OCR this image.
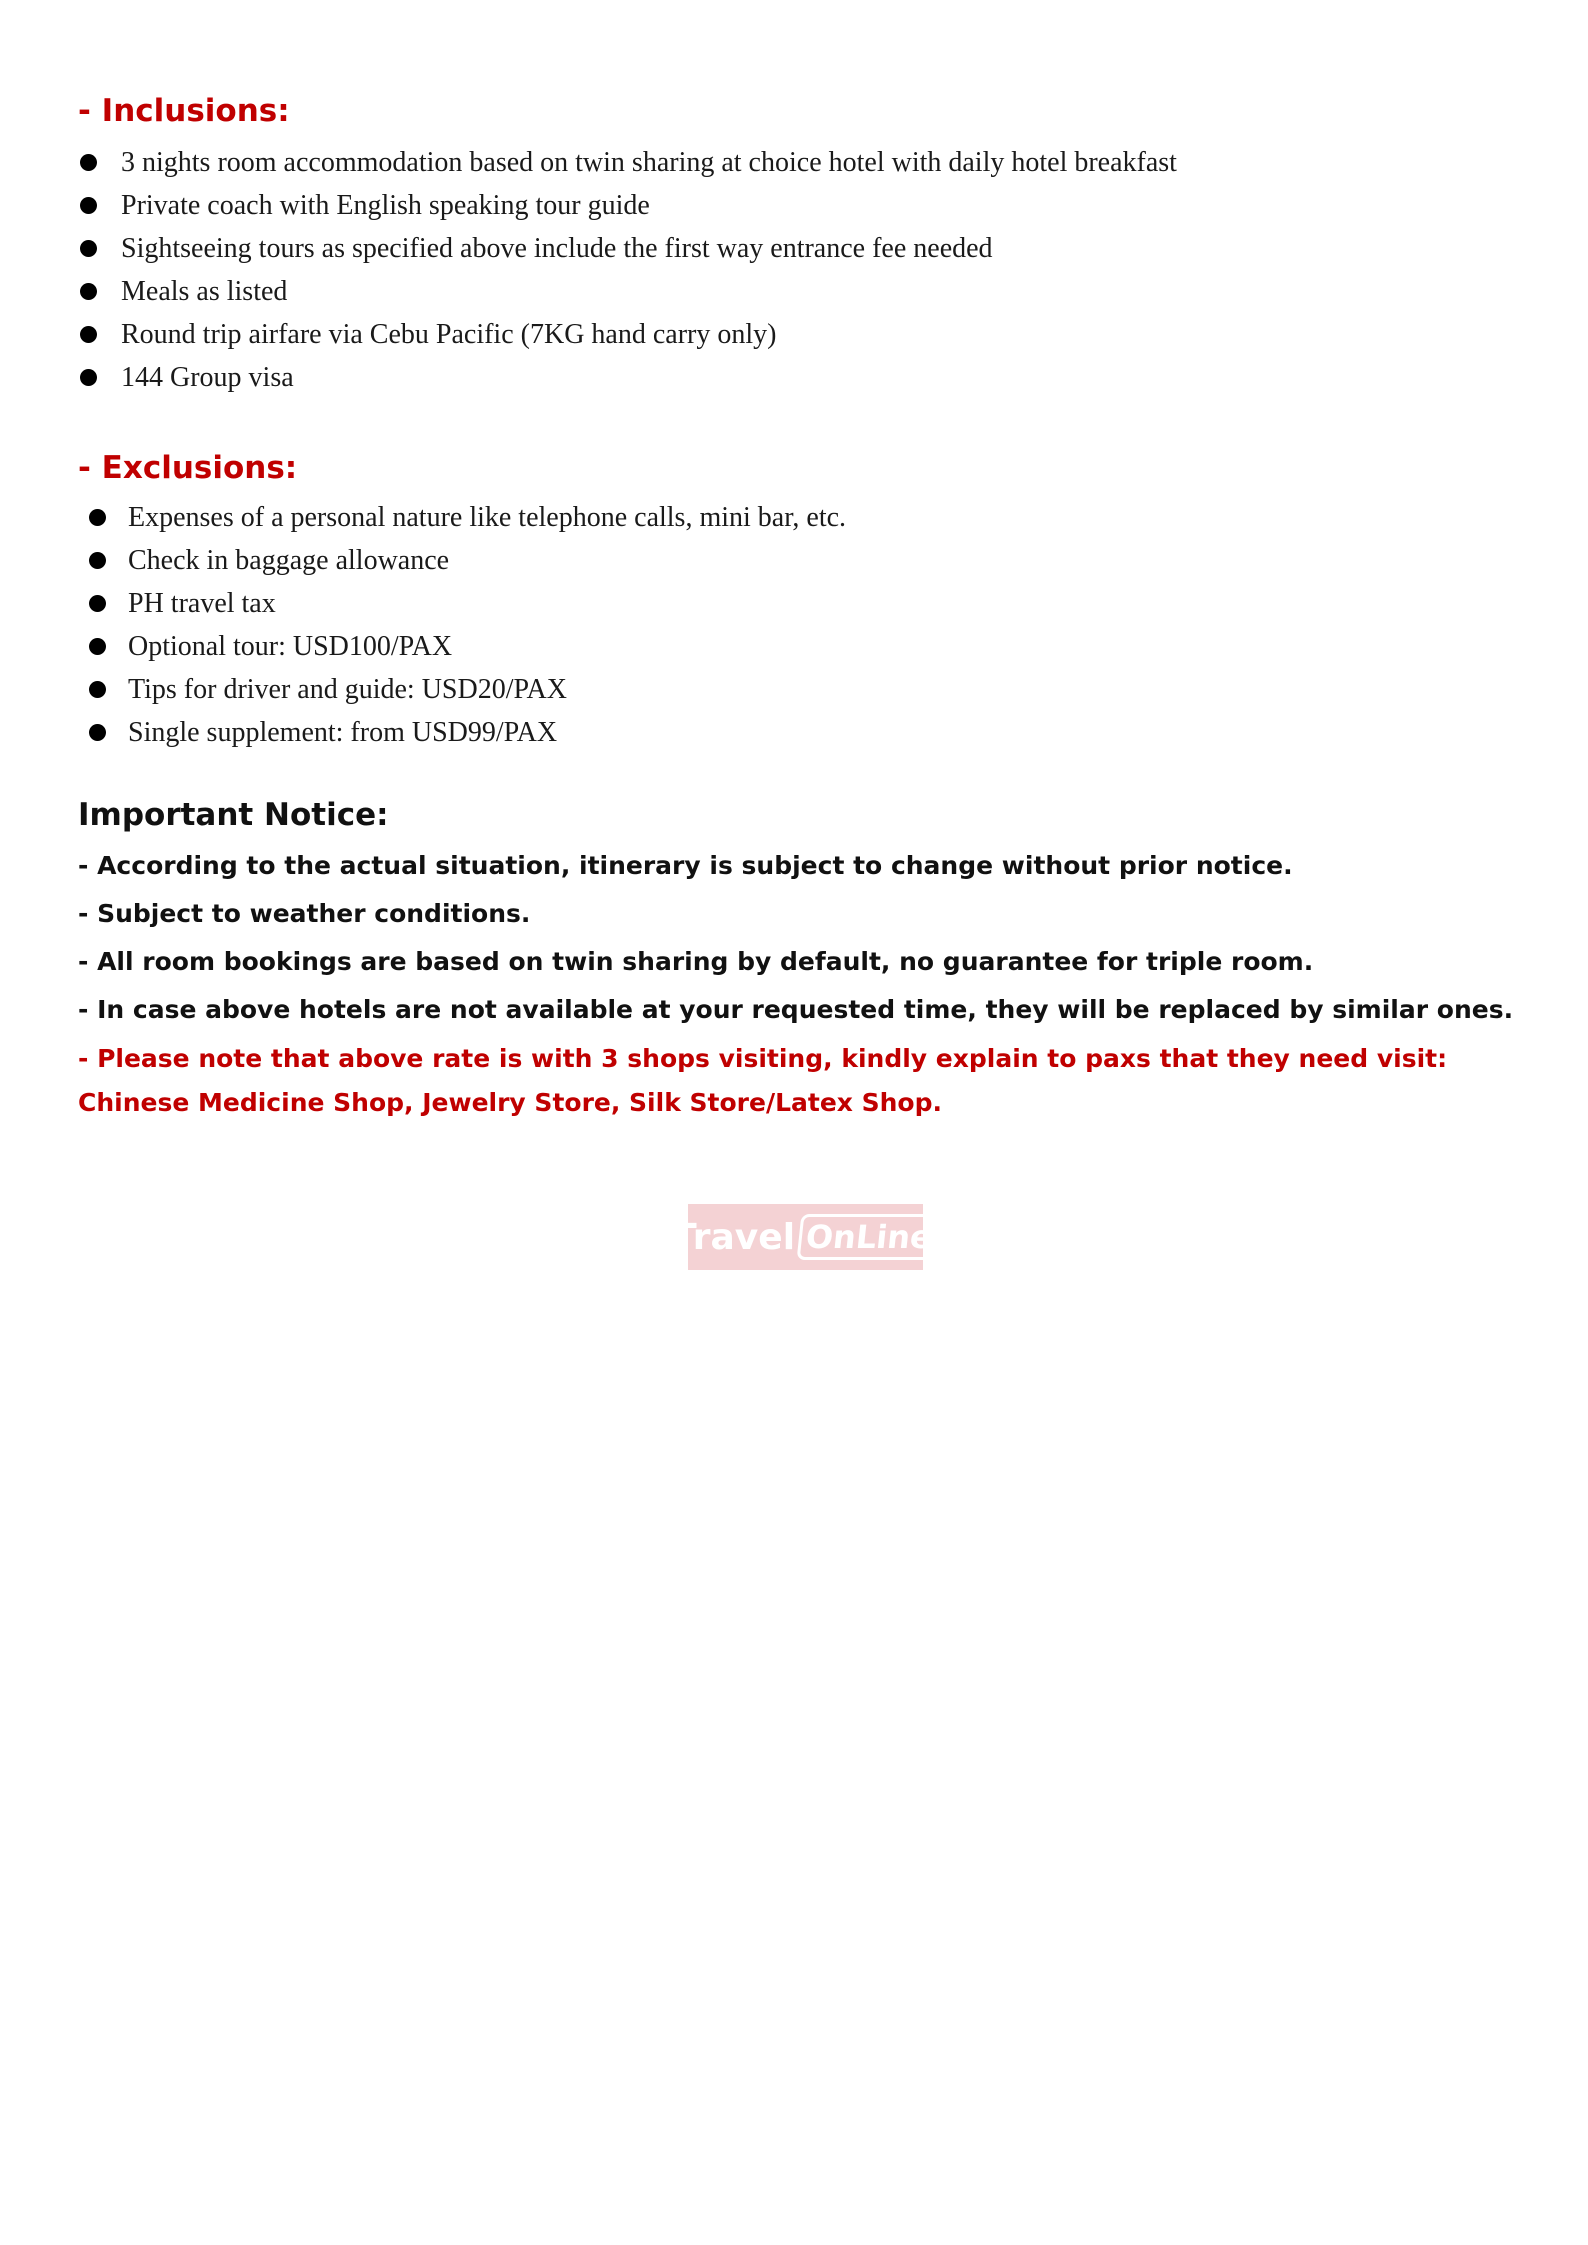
- Inclusions:
3 nights room accommodation based on twin sharing at choice hotel with daily hotel breakfast
Private coach with English speaking tour guide
Sightseeing tours as specified above include the first way entrance fee needed
Meals as listed
Round trip airfare via Cebu Pacific (7KG hand carry only)
144 Group visa
- Exclusions:
Expenses of a personal nature like telephone calls, mini bar, etc.
Check in baggage allowance
PH travel tax
Optional tour: USD100/PAX
Tips for driver and guide: USD20/PAX
Single supplement: from USD99/PAX
Important Notice:
- According to the actual situation, itinerary is subject to change without prior notice.
- Subject to weather conditions.
- All room bookings are based on twin sharing by default, no guarantee for triple room.
- In case above hotels are not available at your requested time, they will be replaced by similar ones.
- Please note that above rate is with 3 shops visiting, kindly explain to paxs that they need visit: Chinese Medicine Shop, Jewelry Store, Silk Store/Latex Shop.
Travel OnLine
